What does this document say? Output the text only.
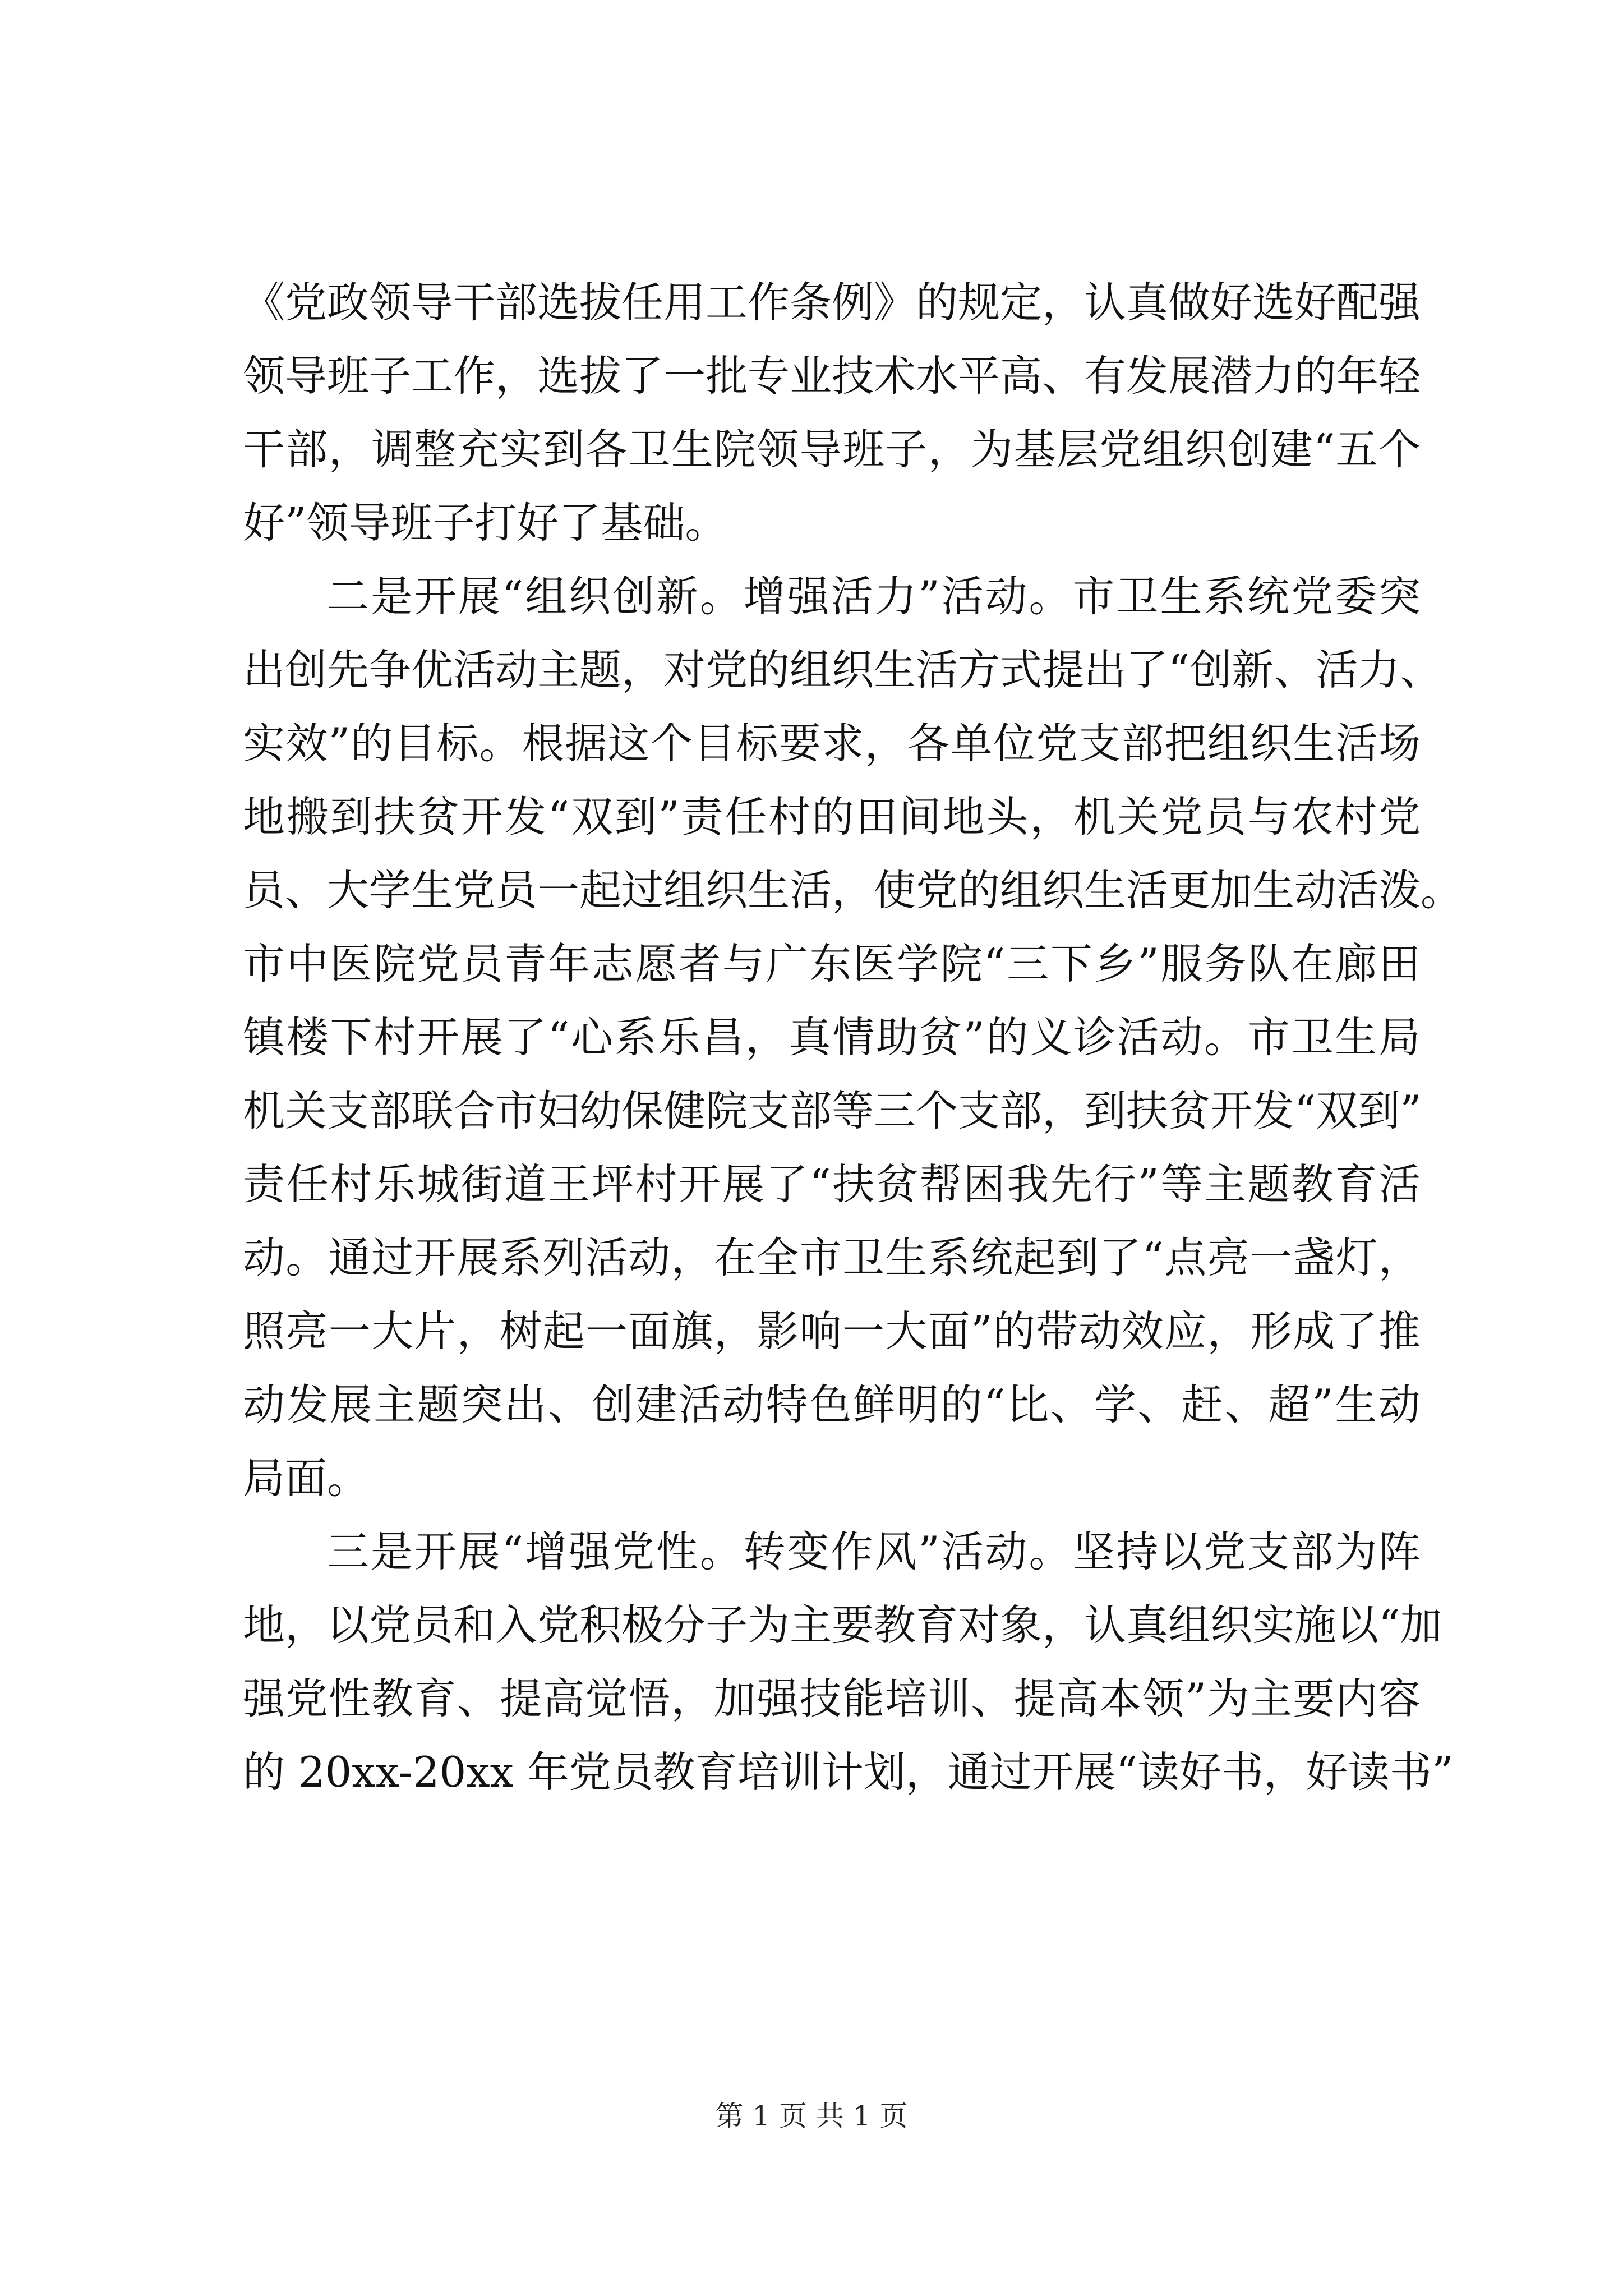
《党政领导干部选拔任用工作条例》的规定，认真做好选好配强
领导班子工作，选拔了一批专业技术水平高、有发展潜力的年轻
干部，调整充实到各卫生院领导班子，为基层党组织创建“五个
好”领导班子打好了基础。
二是开展“组织创新。增强活力”活动。市卫生系统党委突
出创先争优活动主题，对党的组织生活方式提出了“创新、活力、
实效”的目标。根据这个目标要求，各单位党支部把组织生活场
地搬到扶贫开发“双到”责任村的田间地头，机关党员与农村党
员、大学生党员一起过组织生活，使党的组织生活更加生动活泼。
市中医院党员青年志愿者与广东医学院“三下乡”服务队在廊田
镇楼下村开展了“心系乐昌，真情助贫”的义诊活动。市卫生局
机关支部联合市妇幼保健院支部等三个支部，到扶贫开发“双到”
责任村乐城街道王坪村开展了“扶贫帮困我先行”等主题教育活
动。通过开展系列活动，在全市卫生系统起到了“点亮一盏灯，
照亮一大片，树起一面旗，影响一大面”的带动效应，形成了推
动发展主题突出、创建活动特色鲜明的“比、学、赶、超”生动
局面。
三是开展“增强党性。转变作风”活动。坚持以党支部为阵
地，以党员和入党积极分子为主要教育对象，认真组织实施以“加
强党性教育、提高觉悟，加强技能培训、提高本领”为主要内容
的 20xx-20xx 年党员教育培训计划，通过开展“读好书，好读书”
第 1 页 共 1 页
